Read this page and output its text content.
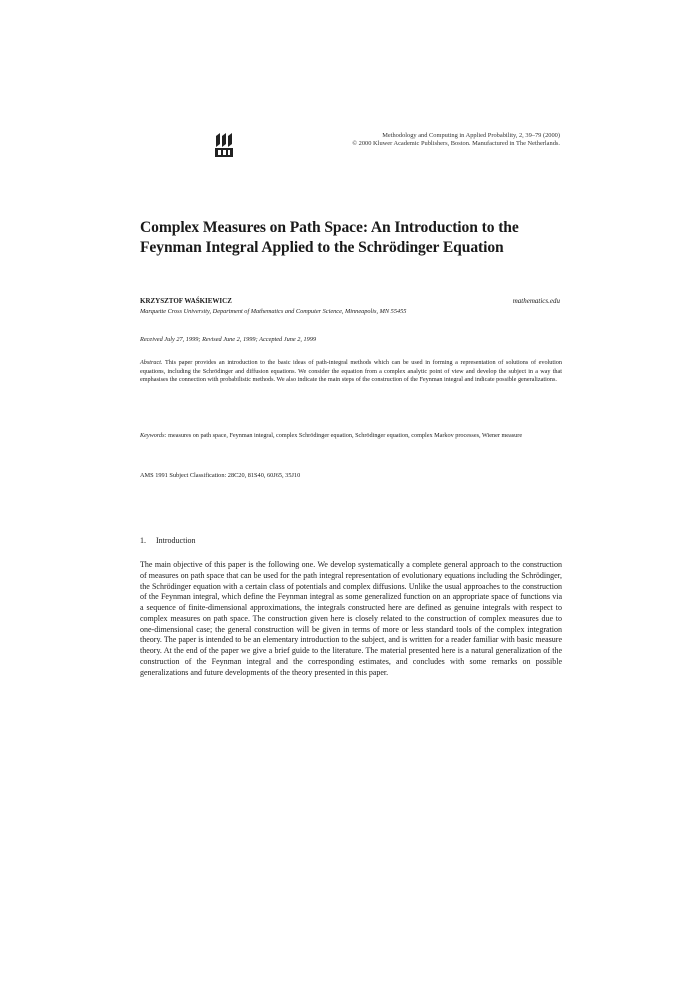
Methodology and Computing in Applied Probability, 2, 39–79 (2000)
© 2000 Kluwer Academic Publishers, Boston. Manufactured in The Netherlands.
Complex Measures on Path Space: An Introduction to the Feynman Integral Applied to the Schrödinger Equation
KRZYSZTOF WAŚKIEWICZ	mathematics.edu
Marquette Cross University, Department of Mathematics and Computer Science, Minneapolis, MN 55455
Received July 27, 1999; Revised June 2, 1999; Accepted June 2, 1999

Abstract. This paper provides an introduction to the basic ideas of path-integral methods which can be used in forming a representation of solutions of evolution equations, including the Schrödinger and diffusion equations. We consider the equation from a complex analytic point of view and develop the subject in a way that emphasises the connection with probabilistic methods. We also indicate the main steps of the construction of the Feynman integral and indicate possible generalizations.

Keywords: measures on path space, Feynman integral, complex Schrödinger equation, Schrödinger equation, complex Markov processes, Wiener measure

AMS 1991 Subject Classification: 28C20, 81S40, 60J65, 35J10
1. Introduction

The main objective of this paper is the following one. We develop systematically a complete general approach to the construction of measures on path space that can be used for the path integral representation of evolutionary equations including the Schrödinger, the Schrödinger equation with a certain class of potentials and complex diffusions. Unlike the usual approaches to the construction of the Feynman integral, which define the Feynman integral as some generalized function on an appropriate space of functions via a sequence of finite-dimensional approximations, the integrals constructed here are defined as genuine integrals with respect to complex measures on path space. The construction given here is closely related to the construction of complex measures due to one-dimensional case; the general construction will be given in terms of more or less standard tools of the complex integration theory. The paper is intended to be an elementary introduction to the subject, and is written for a reader familiar with basic measure theory. At the end of the paper we give a brief guide to the literature. The material presented here is a natural generalization of the construction of the Feynman integral and the corresponding estimates, and concludes with some remarks on possible generalizations and future developments of the theory presented in this paper.
